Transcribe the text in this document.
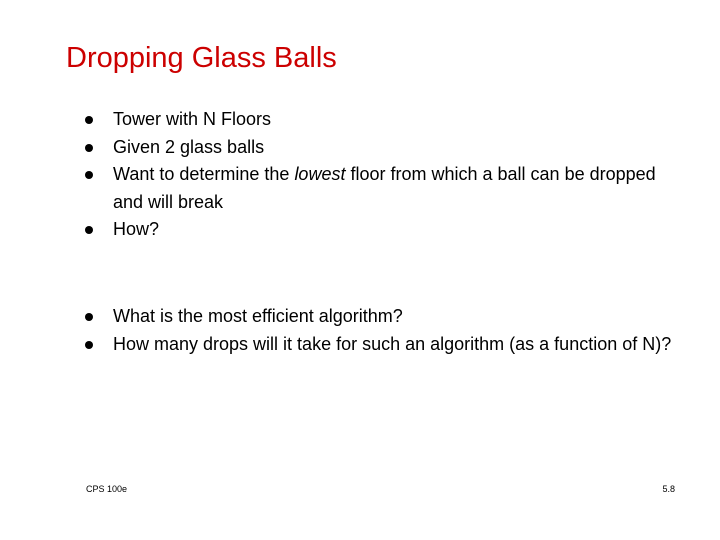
Dropping Glass Balls
Tower with N Floors
Given 2 glass balls
Want to determine the lowest floor from which a ball can be dropped and will break
How?
What is the most efficient algorithm?
How many drops will it take for such an algorithm (as a function of N)?
CPS 100e	5.8
